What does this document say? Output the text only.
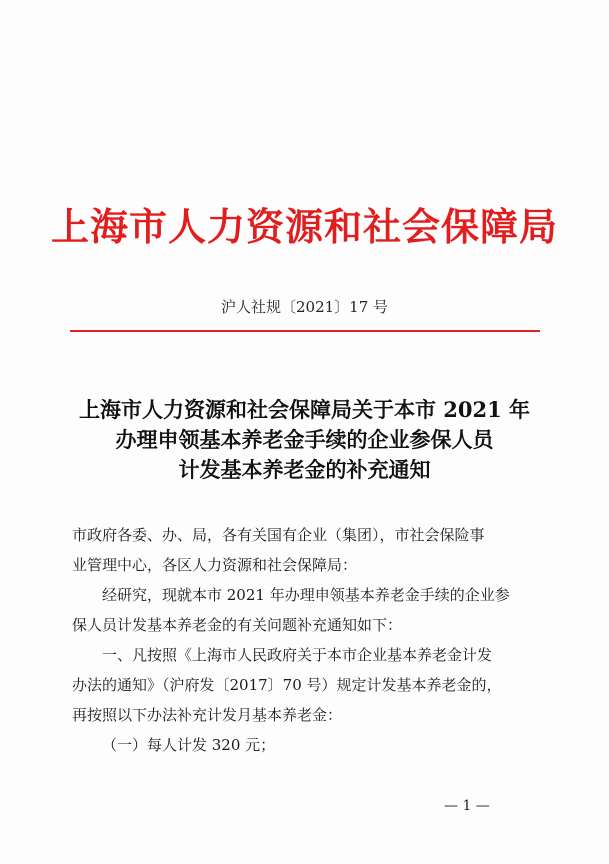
上海市人力资源和社会保障局
沪人社规〔2021〕17 号
上海市人力资源和社会保障局关于本市 2021 年
办理申领基本养老金手续的企业参保人员
计发基本养老金的补充通知

市政府各委、办、局，各有关国有企业（集团），市社会保险事

业管理中心，各区人力资源和社会保障局：

经研究，现就本市 2021 年办理申领基本养老金手续的企业参

保人员计发基本养老金的有关问题补充通知如下：

一、凡按照《上海市人民政府关于本市企业基本养老金计发

办法的通知》（沪府发〔2017〕70 号）规定计发基本养老金的，

再按照以下办法补充计发月基本养老金：

（一）每人计发 320 元；

— 1 —
